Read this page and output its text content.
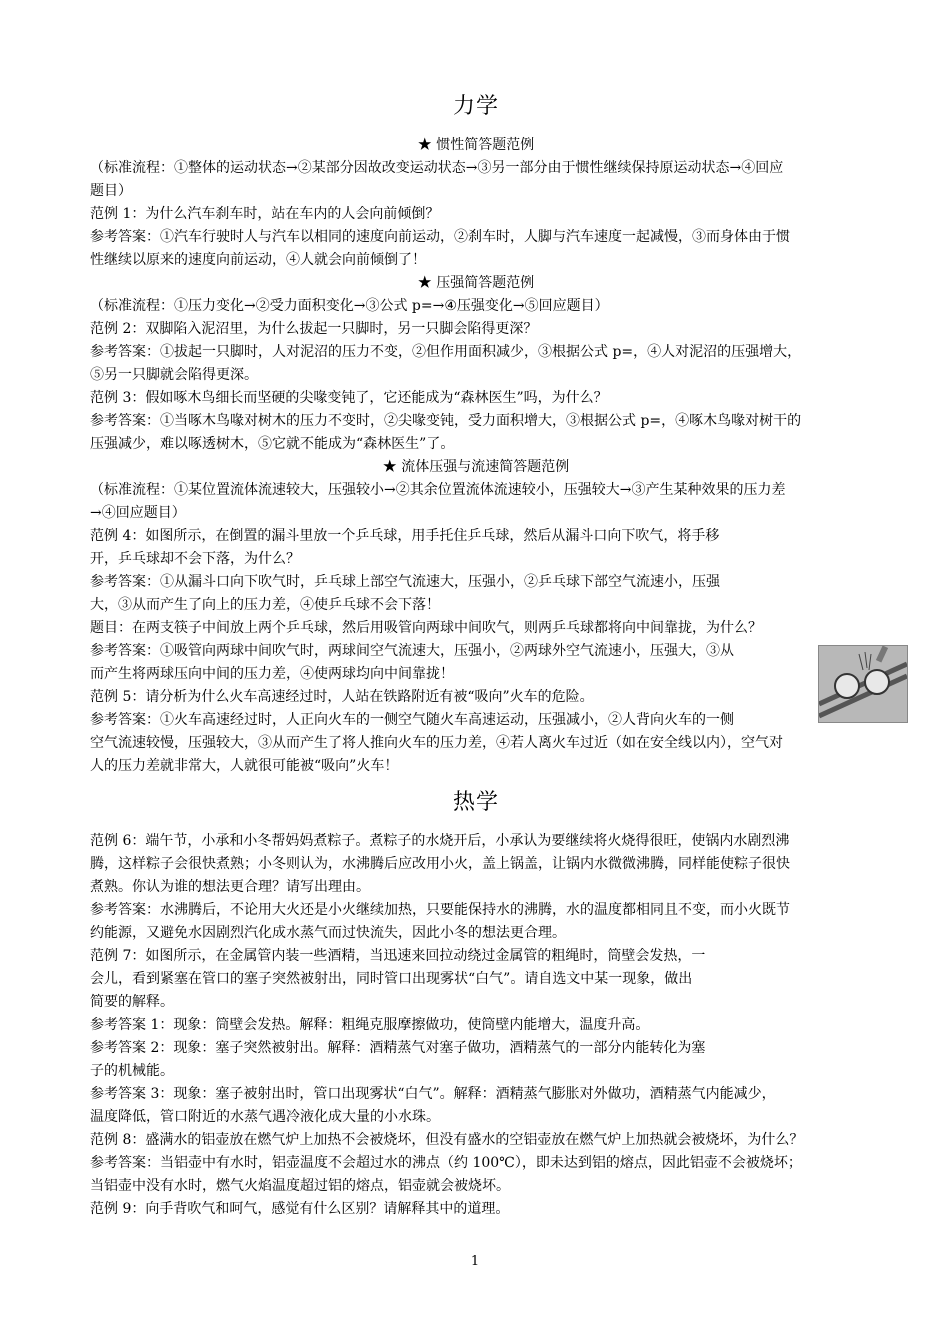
力学
★ 惯性简答题范例
（标准流程：①整体的运动状态→②某部分因故改变运动状态→③另一部分由于惯性继续保持原运动状态→④回应
题目）
范例 1：为什么汽车刹车时，站在车内的人会向前倾倒？
参考答案：①汽车行驶时人与汽车以相同的速度向前运动，②刹车时，人脚与汽车速度一起减慢，③而身体由于惯
性继续以原来的速度向前运动，④人就会向前倾倒了！
★ 压强简答题范例
（标准流程：①压力变化→②受力面积变化→③公式 p=→④压强变化→⑤回应题目）
范例 2：双脚陷入泥沼里，为什么拔起一只脚时，另一只脚会陷得更深？
参考答案：①拔起一只脚时，人对泥沼的压力不变，②但作用面积减少，③根据公式 p=，④人对泥沼的压强增大，
⑤另一只脚就会陷得更深。
范例 3：假如啄木鸟细长而坚硬的尖喙变钝了，它还能成为“森林医生”吗，为什么？
参考答案：①当啄木鸟喙对树木的压力不变时，②尖喙变钝，受力面积增大，③根据公式 p=，④啄木鸟喙对树干的
压强减少，难以啄透树木，⑤它就不能成为“森林医生”了。
★ 流体压强与流速简答题范例
（标准流程：①某位置流体流速较大，压强较小→②其余位置流体流速较小，压强较大→③产生某种效果的压力差
→④回应题目）
范例 4：如图所示，在倒置的漏斗里放一个乒乓球，用手托住乒乓球，然后从漏斗口向下吹气，将手移
开，乒乓球却不会下落，为什么？
参考答案：①从漏斗口向下吹气时，乒乓球上部空气流速大，压强小，②乒乓球下部空气流速小，压强
大，③从而产生了向上的压力差，④使乒乓球不会下落！
题目：在两支筷子中间放上两个乒乓球，然后用吸管向两球中间吹气，则两乒乓球都将向中间靠拢，为什么？
参考答案：①吸管向两球中间吹气时，两球间空气流速大，压强小，②两球外空气流速小，压强大，③从
而产生将两球压向中间的压力差，④使两球均向中间靠拢！
范例 5：请分析为什么火车高速经过时，人站在铁路附近有被“吸向”火车的危险。
参考答案：①火车高速经过时，人正向火车的一侧空气随火车高速运动，压强减小，②人背向火车的一侧
空气流速较慢，压强较大，③从而产生了将人推向火车的压力差，④若人离火车过近（如在安全线以内），空气对
人的压力差就非常大，人就很可能被“吸向”火车！
热学
范例 6：端午节，小承和小冬帮妈妈煮粽子。煮粽子的水烧开后，小承认为要继续将火烧得很旺，使锅内水剧烈沸
腾，这样粽子会很快煮熟；小冬则认为，水沸腾后应改用小火，盖上锅盖，让锅内水微微沸腾，同样能使粽子很快
煮熟。你认为谁的想法更合理？请写出理由。
参考答案：水沸腾后，不论用大火还是小火继续加热，只要能保持水的沸腾，水的温度都相同且不变，而小火既节
约能源，又避免水因剧烈汽化成水蒸气而过快流失，因此小冬的想法更合理。
范例 7：如图所示，在金属管内装一些酒精，当迅速来回拉动绕过金属管的粗绳时，筒壁会发热，一
会儿，看到紧塞在管口的塞子突然被射出，同时管口出现雾状“白气”。请自选文中某一现象，做出
简要的解释。
参考答案 1：现象：筒壁会发热。解释：粗绳克服摩擦做功，使筒壁内能增大，温度升高。
参考答案 2：现象：塞子突然被射出。解释：酒精蒸气对塞子做功，酒精蒸气的一部分内能转化为塞
子的机械能。
参考答案 3：现象：塞子被射出时，管口出现雾状“白气”。解释：酒精蒸气膨胀对外做功，酒精蒸气内能减少，
温度降低，管口附近的水蒸气遇冷液化成大量的小水珠。
范例 8：盛满水的铝壶放在燃气炉上加热不会被烧坏，但没有盛水的空铝壶放在燃气炉上加热就会被烧坏，为什么？
参考答案：当铝壶中有水时，铝壶温度不会超过水的沸点（约 100℃），即未达到铝的熔点，因此铝壶不会被烧坏；
当铝壶中没有水时，燃气火焰温度超过铝的熔点，铝壶就会被烧坏。
范例 9：向手背吹气和呵气，感觉有什么区别？请解释其中的道理。
1
